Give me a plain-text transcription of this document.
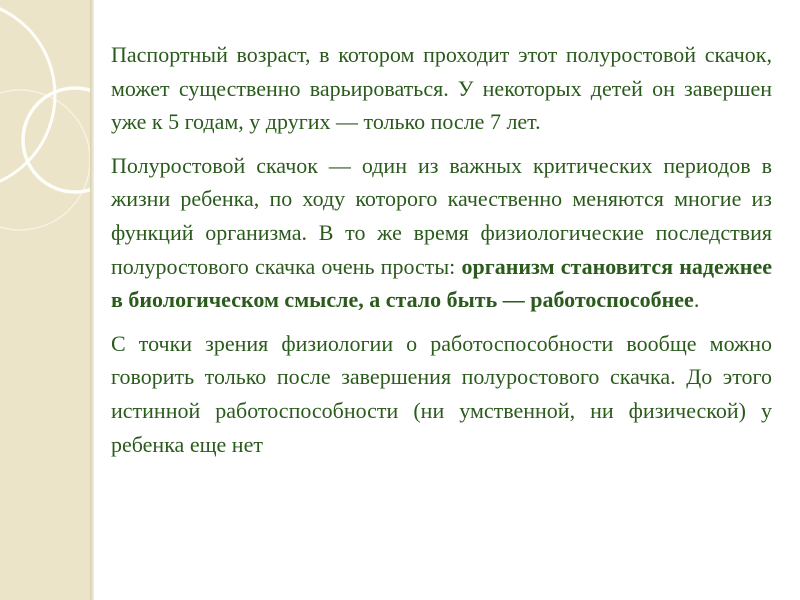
Паспортный возраст, в котором проходит этот полуростовой скачок, может существенно варьироваться. У некоторых детей он завершен уже к 5 годам, у других — только после 7 лет.

Полуростовой скачок — один из важных критических периодов в жизни ребенка, по ходу которого качественно меняются многие из функций организма. В то же время физиологические последствия полуростового скачка очень просты: организм становится надежнее в биологическом смысле, а стало быть — работоспособнее.

С точки зрения физиологии о работоспособности вообще можно говорить только после завершения полуростового скачка. До этого истинной работоспособности (ни умственной, ни физической) у ребенка еще нет
